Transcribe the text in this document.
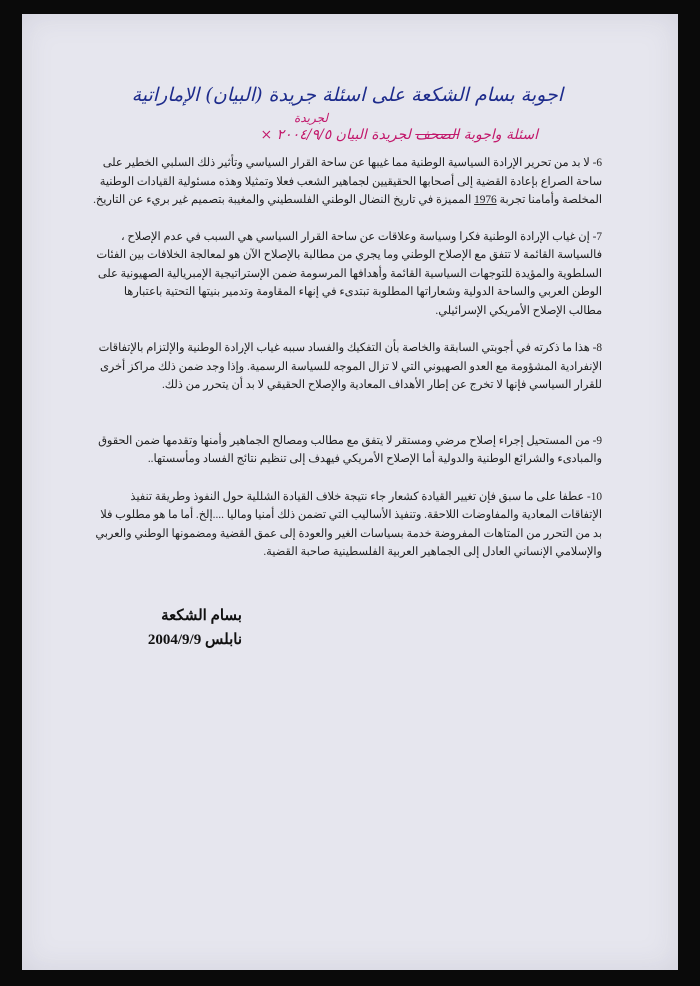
اجوبة بسام الشكعة على اسئلة جريدة (البيان) الإماراتية
لجريدة
اسئلة واجوبة الصحف لجريدة البيان ٢٠٠٤/٩/٥ ×

6- لا بد من تحرير الإرادة السياسية الوطنية مما غيبها عن ساحة القرار السياسي وتأثير ذلك السلبي الخطير على ساحة الصراع بإعادة القضية إلى أصحابها الحقيقيين لجماهير الشعب فعلا وتمثيلا وهذه مسئولية القيادات الوطنية المخلصة وأمامنا تجربة 1976 المميزة في تاريخ النضال الوطني الفلسطيني والمغيبة بتصميم غير بريء عن التاريخ.

7- إن غياب الإرادة الوطنية فكرا وسياسة وعلاقات عن ساحة القرار السياسي هي السبب في عدم الإصلاح ، فالسياسة القائمة لا تتفق مع الإصلاح الوطني وما يجري من مطالبة بالإصلاح الآن هو لمعالجة الخلافات بين الفئات السلطوية والمؤيدة للتوجهات السياسية القائمة وأهدافها المرسومة ضمن الإستراتيجية الإمبريالية الصهيونية على الوطن العربي والساحة الدولية وشعاراتها المطلوبة تبتدىء في إنهاء المقاومة وتدمير بنيتها التحتية باعتبارها مطالب الإصلاح الأمريكي الإسرائيلي.

8- هذا ما ذكرته في أجوبتي السابقة والخاصة بأن التفكيك والفساد سببه غياب الإرادة الوطنية والإلتزام بالإتفاقات الإنفرادية المشؤومة مع العدو الصهيوني التي لا تزال الموجه للسياسة الرسمية. وإذا وجد ضمن ذلك مراكز أخرى للقرار السياسي فإنها لا تخرج عن إطار الأهداف المعادية والإصلاح الحقيقي لا بد أن يتحرر من ذلك.

9- من المستحيل إجراء إصلاح مرضي ومستقر لا يتفق مع مطالب ومصالح الجماهير وأمنها وتقدمها ضمن الحقوق والمبادىء والشرائع الوطنية والدولية أما الإصلاح الأمريكي فيهدف إلى تنظيم نتائج الفساد ومأسستها..

10- عطفا على ما سبق فإن تغيير القيادة كشعار جاء نتيجة خلاف القيادة الشللية حول النفوذ وطريقة تنفيذ الإتفاقات المعادية والمفاوضات اللاحقة. وتنفيذ الأساليب التي تضمن ذلك أمنيا وماليا ....إلخ. أما ما هو مطلوب فلا بد من التحرر من المتاهات المفروضة خدمة بسياسات الغير والعودة إلى عمق القضية ومضمونها الوطني والعربي والإسلامي الإنساني العادل إلى الجماهير العربية الفلسطينية صاحبة القضية.

بسام الشكعة
نابلس 2004/9/9
